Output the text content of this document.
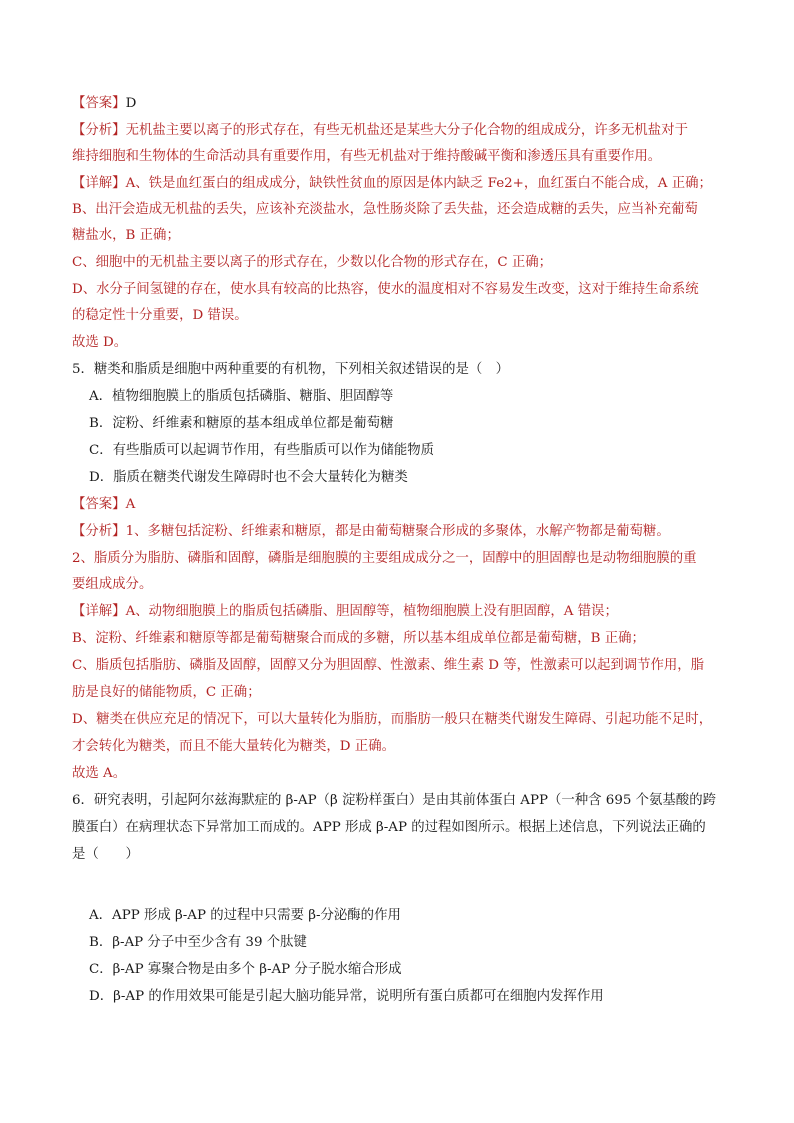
【答案】D
【分析】无机盐主要以离子的形式存在，有些无机盐还是某些大分子化合物的组成成分，许多无机盐对于
维持细胞和生物体的生命活动具有重要作用，有些无机盐对于维持酸碱平衡和渗透压具有重要作用。
【详解】A、铁是血红蛋白的组成成分，缺铁性贫血的原因是体内缺乏 Fe2+，血红蛋白不能合成，A 正确；
B、出汗会造成无机盐的丢失，应该补充淡盐水，急性肠炎除了丢失盐，还会造成糖的丢失，应当补充葡萄
糖盐水，B 正确；
C、细胞中的无机盐主要以离子的形式存在，少数以化合物的形式存在，C 正确；
D、水分子间氢键的存在，使水具有较高的比热容，使水的温度相对不容易发生改变，这对于维持生命系统
的稳定性十分重要，D 错误。
故选 D。
5．糖类和脂质是细胞中两种重要的有机物，下列相关叙述错误的是（　）
A．植物细胞膜上的脂质包括磷脂、糖脂、胆固醇等
B．淀粉、纤维素和糖原的基本组成单位都是葡萄糖
C．有些脂质可以起调节作用，有些脂质可以作为储能物质
D．脂质在糖类代谢发生障碍时也不会大量转化为糖类
【答案】A
【分析】1、多糖包括淀粉、纤维素和糖原，都是由葡萄糖聚合形成的多聚体，水解产物都是葡萄糖。
2、脂质分为脂肪、磷脂和固醇，磷脂是细胞膜的主要组成成分之一，固醇中的胆固醇也是动物细胞膜的重
要组成成分。
【详解】A、动物细胞膜上的脂质包括磷脂、胆固醇等，植物细胞膜上没有胆固醇，A 错误；
B、淀粉、纤维素和糖原等都是葡萄糖聚合而成的多糖，所以基本组成单位都是葡萄糖，B 正确；
C、脂质包括脂肪、磷脂及固醇，固醇又分为胆固醇、性激素、维生素 D 等，性激素可以起到调节作用，脂
肪是良好的储能物质，C 正确；
D、糖类在供应充足的情况下，可以大量转化为脂肪，而脂肪一般只在糖类代谢发生障碍、引起功能不足时，
才会转化为糖类，而且不能大量转化为糖类，D 正确。
故选 A。
6．研究表明，引起阿尔兹海默症的 β-AP（β 淀粉样蛋白）是由其前体蛋白 APP（一种含 695 个氨基酸的跨
膜蛋白）在病理状态下异常加工而成的。APP 形成 β-AP 的过程如图所示。根据上述信息，下列说法正确的
是（　　）
A．APP 形成 β-AP 的过程中只需要 β-分泌酶的作用
B．β-AP 分子中至少含有 39 个肽键
C．β-AP 寡聚合物是由多个 β-AP 分子脱水缩合形成
D．β-AP 的作用效果可能是引起大脑功能异常，说明所有蛋白质都可在细胞内发挥作用
